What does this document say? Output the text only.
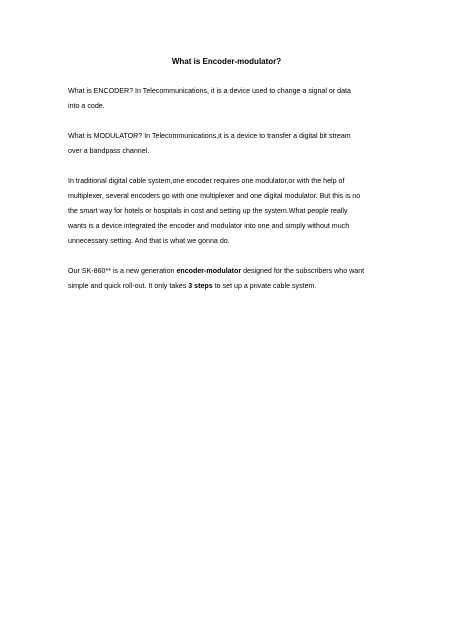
What is Encoder-modulator?

What is ENCODER? In Telecommunications, it is a device used to change a signal or data
into a code.

What is MODULATOR? In Telecommunications,it is a device to transfer a digital bit stream
over a bandpass channel.

In traditional digital cable system,one encoder requires one modulator,or with the help of
multiplexer, several encoders go with one multiplexer and one digital modulator. But this is no
the smart way for hotels or hospitals in cost and setting up the system.What people really
wants is a device integrated the encoder and modulator into one and simply without much
unnecessary setting. And that is what we gonna do.

Our SK-860** is a new generation encoder-modulator designed for the subscribers who want
simple and quick roll-out. It only takes 3 steps to set up a private cable system.
